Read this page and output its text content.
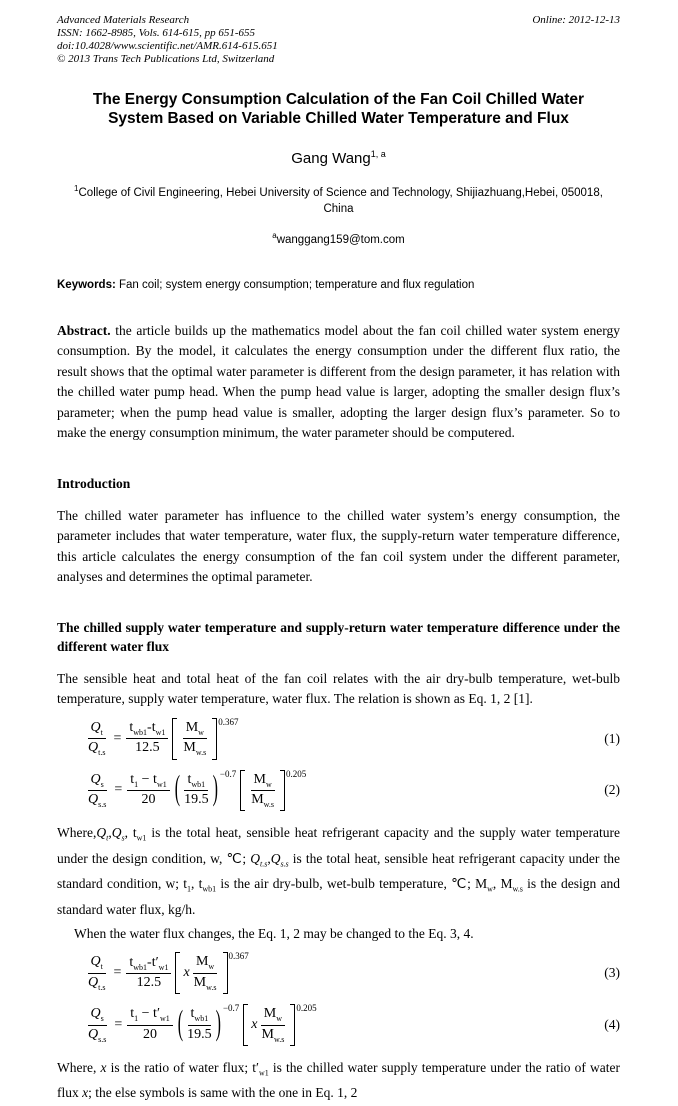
Advanced Materials Research
ISSN: 1662-8985, Vols. 614-615, pp 651-655
doi:10.4028/www.scientific.net/AMR.614-615.651
© 2013 Trans Tech Publications Ltd, Switzerland
Online: 2012-12-13
The Energy Consumption Calculation of the Fan Coil Chilled Water System Based on Variable Chilled Water Temperature and Flux
Gang Wang$^{1, a}$
$^1$College of Civil Engineering, Hebei University of Science and Technology, Shijiazhuang,Hebei, 050018, China
$^a$wanggang159@tom.com
Keywords: Fan coil; system energy consumption; temperature and flux regulation

Abstract. the article builds up the mathematics model about the fan coil chilled water system energy consumption. By the model, it calculates the energy consumption under the different flux ratio, the result shows that the optimal water parameter is different from the design parameter, it has relation with the chilled water pump head. When the pump head value is larger, adopting the smaller design flux’s parameter; when the pump head value is smaller, adopting the larger design flux’s parameter. So to make the energy consumption minimum, the water parameter should be computered.

Introduction

The chilled water parameter has influence to the chilled water system’s energy consumption, the parameter includes that water temperature, water flux, the supply-return water temperature difference, this article calculates the energy consumption of the fan coil system under the different parameter, analyses and determines the optimal parameter.

The chilled supply water temperature and supply-return water temperature difference under the different water flux

The sensible heat and total heat of the fan coil relates with the air dry-bulb temperature, wet-bulb temperature, supply water temperature, water flux. The relation is shown as Eq. 1, 2 [1].

$\frac{Q_t}{Q_{t.s}} = \frac{t_{wb1}-t_{w1}}{12.5} \frac{M_w}{M_{w.s}} ^{0.367}$
(1)
$\frac{Q_s}{Q_{s.s}} = \frac{t_1 - t_{w1}}{20}$ ( $\frac{t_{wb1}}{19.5} )^{-0.7} \frac{M_w}{M_{w.s}} ^{0.205}$
(2)

$Where,Q_t,Q_s$, $t_{w1}$ is the total heat, sensible heat refrigerant capacity and the supply water temperature under the design condition, w, ℃; $Q_{t.s},Q_{s.s}$ is the total heat, sensible heat refrigerant capacity under the standard condition, w; $t_1$, $t_{wb1}$ is the air dry-bulb, wet-bulb temperature, ℃; $M_w$, $M_{w.s}$ is the design and standard water flux, kg/h.

When the water flux changes, the Eq. 1, 2 may be changed to the Eq. 3, 4.

$\frac{Q_t}{Q_{t.s}} = \frac{t_{wb1}-t'_{w1}}{12.5}$ x $\frac{M_w}{M_{w.s}} ^{0.367}$
(3)
$\frac{Q_s}{Q_{s.s}} = \frac{t_1 - t'_{w1}}{20}$ ( $\frac{t_{wb1}}{19.5} )^{-0.7}$
x $\frac{M_w}{M_{w.s}} ^{0.205}$
(4)

Where, x is the ratio of water flux; $t'_{w1}$ is the chilled water supply temperature under the ratio of water flux x; the else symbols is same with the one in Eq. 1, 2
